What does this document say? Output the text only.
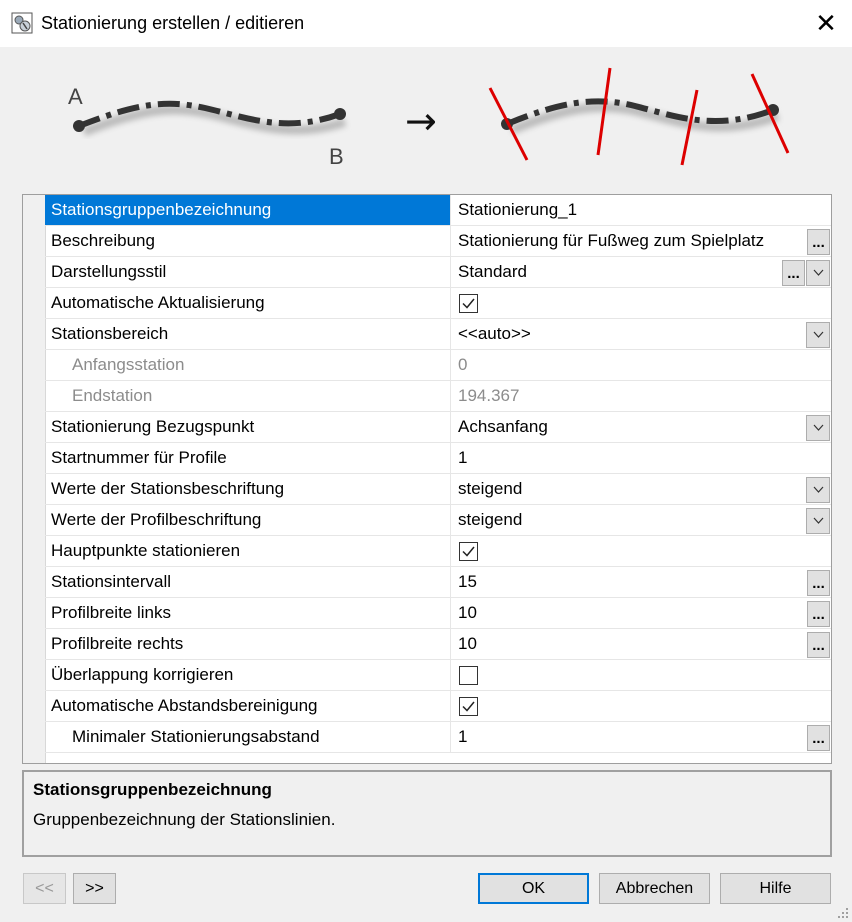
Stationierung erstellen / editieren	✕
A
B
→
Stationsgruppenbezeichnung	Stationierung_1
Beschreibung	Stationierung für Fußweg zum Spielplatz	...
Darstellungsstil	Standard	...
Automatische Aktualisierung
Stationsbereich	<<auto>>
Anfangsstation	0
Endstation	194.367
Stationierung Bezugspunkt	Achsanfang
Startnummer für Profile	1
Werte der Stationsbeschriftung	steigend
Werte der Profilbeschriftung	steigend
Hauptpunkte stationieren
Stationsintervall	15	...
Profilbreite links	10	...
Profilbreite rechts	10	...
Überlappung korrigieren
Automatische Abstandsbereinigung
Minimaler Stationierungsabstand	1	...
Stationsgruppenbezeichnung
Gruppenbezeichnung der Stationslinien.
<<	>>	OK	Abbrechen	Hilfe
